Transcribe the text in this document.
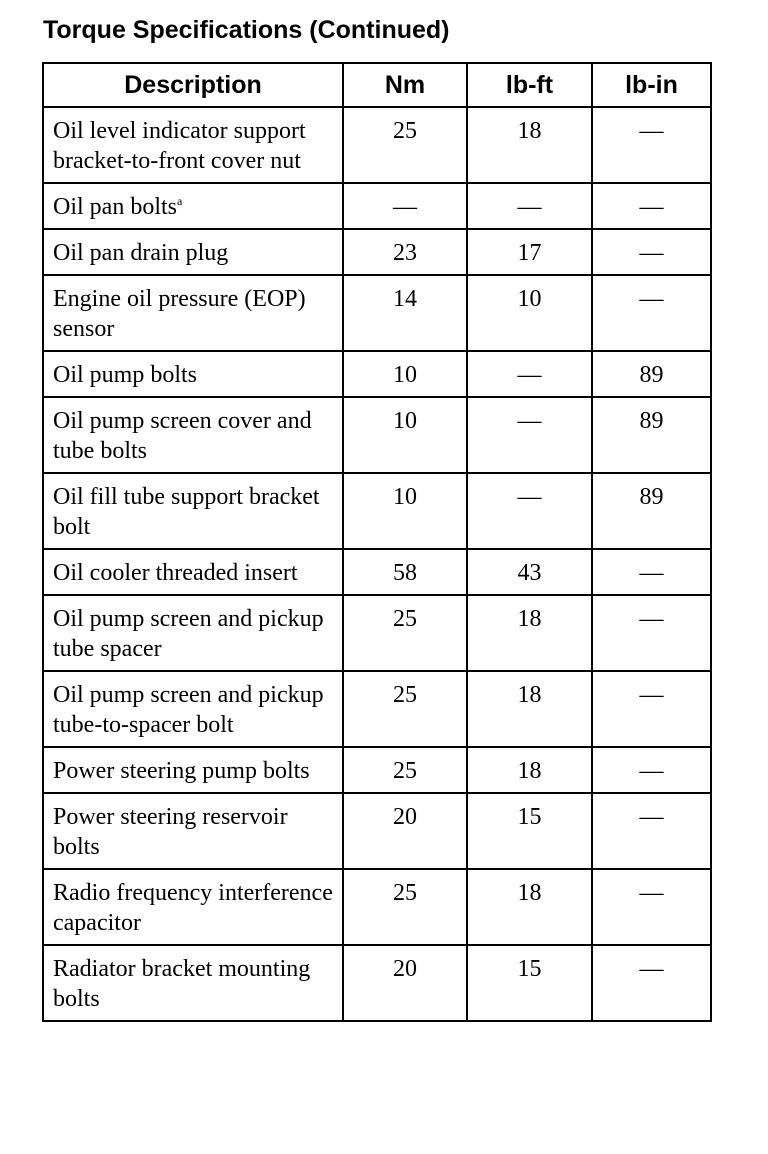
Torque Specifications (Continued)
Description	Nm	lb-ft	lb-in
Oil level indicator support bracket-to-front cover nut	25	18	—
Oil pan bolts$^a$	—	—	—
Oil pan drain plug	23	17	—
Engine oil pressure (EOP) sensor	14	10	—
Oil pump bolts	10	—	89
Oil pump screen cover and tube bolts	10	—	89
Oil fill tube support bracket bolt	10	—	89
Oil cooler threaded insert	58	43	—
Oil pump screen and pickup tube spacer	25	18	—
Oil pump screen and pickup tube-to-spacer bolt	25	18	—
Power steering pump bolts	25	18	—
Power steering reservoir bolts	20	15	—
Radio frequency interference capacitor	25	18	—
Radiator bracket mounting bolts	20	15	—
